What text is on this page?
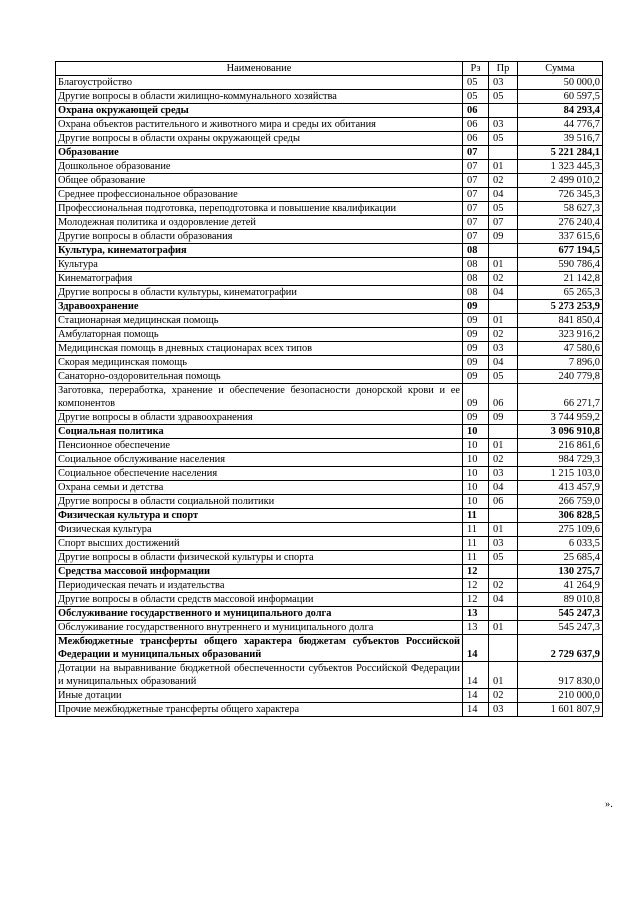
Наименование	Рз	Пр	Сумма
Благоустройство	05	03	50 000,0
Другие вопросы в области жилищно-коммунального хозяйства	05	05	60 597,5
Охрана окружающей среды	06		84 293,4
Охрана объектов растительного и животного мира и среды их обитания	06	03	44 776,7
Другие вопросы в области охраны окружающей среды	06	05	39 516,7
Образование	07		5 221 284,1
Дошкольное образование	07	01	1 323 445,3
Общее образование	07	02	2 499 010,2
Среднее профессиональное образование	07	04	726 345,3
Профессиональная подготовка, переподготовка и повышение квалификации	07	05	58 627,3
Молодежная политика и оздоровление детей	07	07	276 240,4
Другие вопросы в области образования	07	09	337 615,6
Культура, кинематография	08		677 194,5
Культура	08	01	590 786,4
Кинематография	08	02	21 142,8
Другие вопросы в области культуры, кинематографии	08	04	65 265,3
Здравоохранение	09		5 273 253,9
Стационарная медицинская помощь	09	01	841 850,4
Амбулаторная помощь	09	02	323 916,2
Медицинская помощь в дневных стационарах всех типов	09	03	47 580,6
Скорая медицинская помощь	09	04	7 896,0
Санаторно-оздоровительная помощь	09	05	240 779,8
Заготовка, переработка, хранение и обеспечение безопасности донорской крови и ее компонентов	09	06	66 271,7
Другие вопросы в области здравоохранения	09	09	3 744 959,2
Социальная политика	10		3 096 910,8
Пенсионное обеспечение	10	01	216 861,6
Социальное обслуживание населения	10	02	984 729,3
Социальное обеспечение населения	10	03	1 215 103,0
Охрана семьи и детства	10	04	413 457,9
Другие вопросы в области социальной политики	10	06	266 759,0
Физическая культура и спорт	11		306 828,5
Физическая культура	11	01	275 109,6
Спорт высших достижений	11	03	6 033,5
Другие вопросы в области физической культуры и спорта	11	05	25 685,4
Средства массовой информации	12		130 275,7
Периодическая печать и издательства	12	02	41 264,9
Другие вопросы в области средств массовой информации	12	04	89 010,8
Обслуживание государственного и муниципального долга	13		545 247,3
Обслуживание государственного внутреннего и муниципального долга	13	01	545 247,3
Межбюджетные трансферты общего характера бюджетам субъектов Российской Федерации и муниципальных образований	14		2 729 637,9
Дотации на выравнивание бюджетной обеспеченности субъектов Российской Федерации и муниципальных образований	14	01	917 830,0
Иные дотации	14	02	210 000,0
Прочие межбюджетные трансферты общего характера	14	03	1 601 807,9
».
